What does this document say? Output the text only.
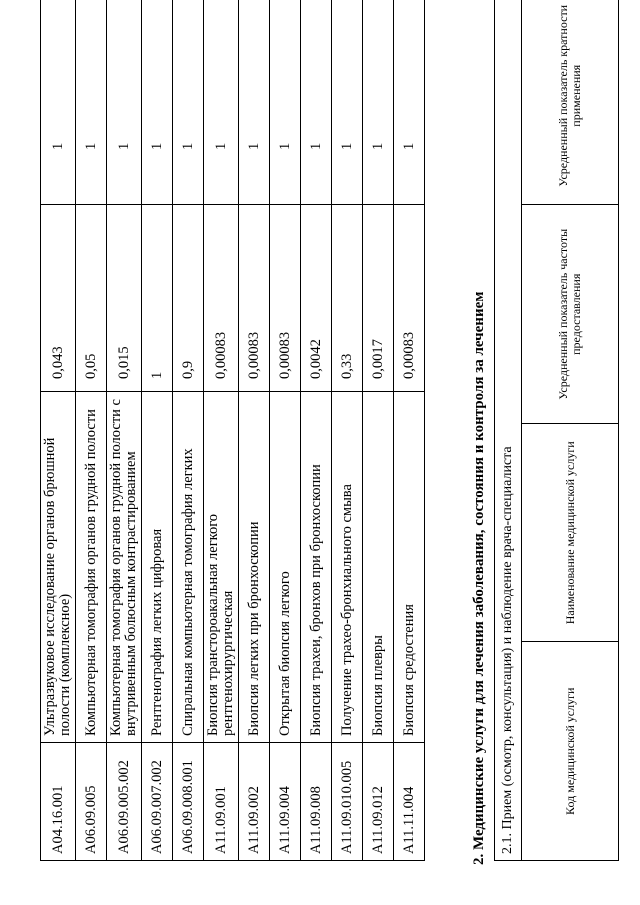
A04.16.001	Ультразвуковое исследование органов брюшной полости (комплексное)	0,043	1
A06.09.005	Компьютерная томография органов грудной полости	0,05	1
A06.09.005.002	Компьютерная томография органов грудной полости с внутривенным болюсным контрастированием	0,015	1
A06.09.007.002	Рентгенография легких цифровая	1	1
A06.09.008.001	Спиральная компьютерная томография легких	0,9	1
A11.09.001	Биопсия транстороакальная легкого рентгенохирургическая	0,00083	1
A11.09.002	Биопсия легких при бронхоскопии	0,00083	1
A11.09.004	Открытая биопсия легкого	0,00083	1
A11.09.008	Биопсия трахеи, бронхов при бронхоскопии	0,0042	1
A11.09.010.005	Получение трахео-бронхиального смыва	0,33	1
A11.09.012	Биопсия плевры	0,0017	1
A11.11.004	Биопсия средостения	0,00083	1
2. Медицинские услуги для лечения заболевания, состояния и контроля за лечением 2.1. Прием (осмотр, консультация) и наблюдение врача-специалиста
Код медицинской услуги	Наименование медицинской услуги	Усредненный показатель частоты предоставления	Усредненный показатель кратности применения
